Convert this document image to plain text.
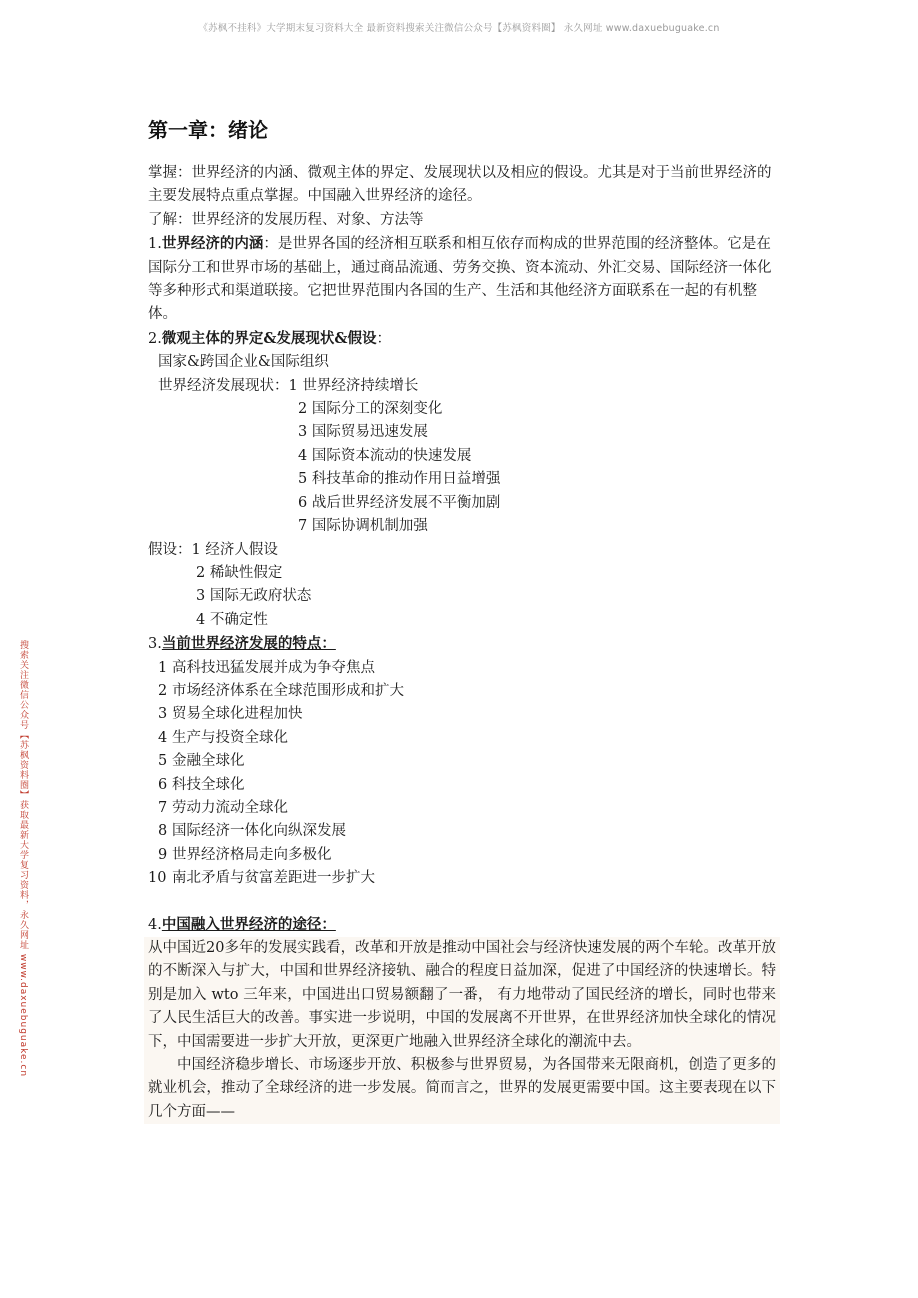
《苏枫不挂科》大学期末复习资料大全 最新资料搜索关注微信公众号【苏枫资料圈】 永久网址 www.daxuebuguake.cn
搜索关注微信公众号【苏枫资料圈】获取最新大学复习资料，永久网址 www.daxuebuguake.cn
第一章：绪论

掌握：世界经济的内涵、微观主体的界定、发展现状以及相应的假设。尤其是对于当前世界经济的主要发展特点重点掌握。中国融入世界经济的途径。

了解：世界经济的发展历程、对象、方法等

1.世界经济的内涵：是世界各国的经济相互联系和相互依存而构成的世界范围的经济整体。它是在国际分工和世界市场的基础上，通过商品流通、劳务交换、资本流动、外汇交易、国际经济一体化等多种形式和渠道联接。它把世界范围内各国的生产、生活和其他经济方面联系在一起的有机整体。

2.微观主体的界定&发展现状&假设：

国家&跨国企业&国际组织

世界经济发展现状：1 世界经济持续增长

2 国际分工的深刻变化
3 国际贸易迅速发展
4 国际资本流动的快速发展
5 科技革命的推动作用日益增强
6 战后世界经济发展不平衡加剧
7 国际协调机制加强

假设：1 经济人假设

2 稀缺性假定
3 国际无政府状态
4 不确定性

3.当前世界经济发展的特点：

1 高科技迅猛发展并成为争夺焦点
2 市场经济体系在全球范围形成和扩大
3 贸易全球化进程加快
4 生产与投资全球化
5 金融全球化
6 科技全球化
7 劳动力流动全球化
8 国际经济一体化向纵深发展
9 世界经济格局走向多极化
10 南北矛盾与贫富差距进一步扩大

4.中国融入世界经济的途径：

从中国近20多年的发展实践看，改革和开放是推动中国社会与经济快速发展的两个车轮。改革开放的不断深入与扩大，中国和世界经济接轨、融合的程度日益加深，促进了中国经济的快速增长。特别是加入 wto 三年来，中国进出口贸易额翻了一番， 有力地带动了国民经济的增长，同时也带来了人民生活巨大的改善。事实进一步说明，中国的发展离不开世界，在世界经济加快全球化的情况下，中国需要进一步扩大开放，更深更广地融入世界经济全球化的潮流中去。

中国经济稳步增长、市场逐步开放、积极参与世界贸易，为各国带来无限商机，创造了更多的就业机会，推动了全球经济的进一步发展。简而言之，世界的发展更需要中国。这主要表现在以下几个方面——
